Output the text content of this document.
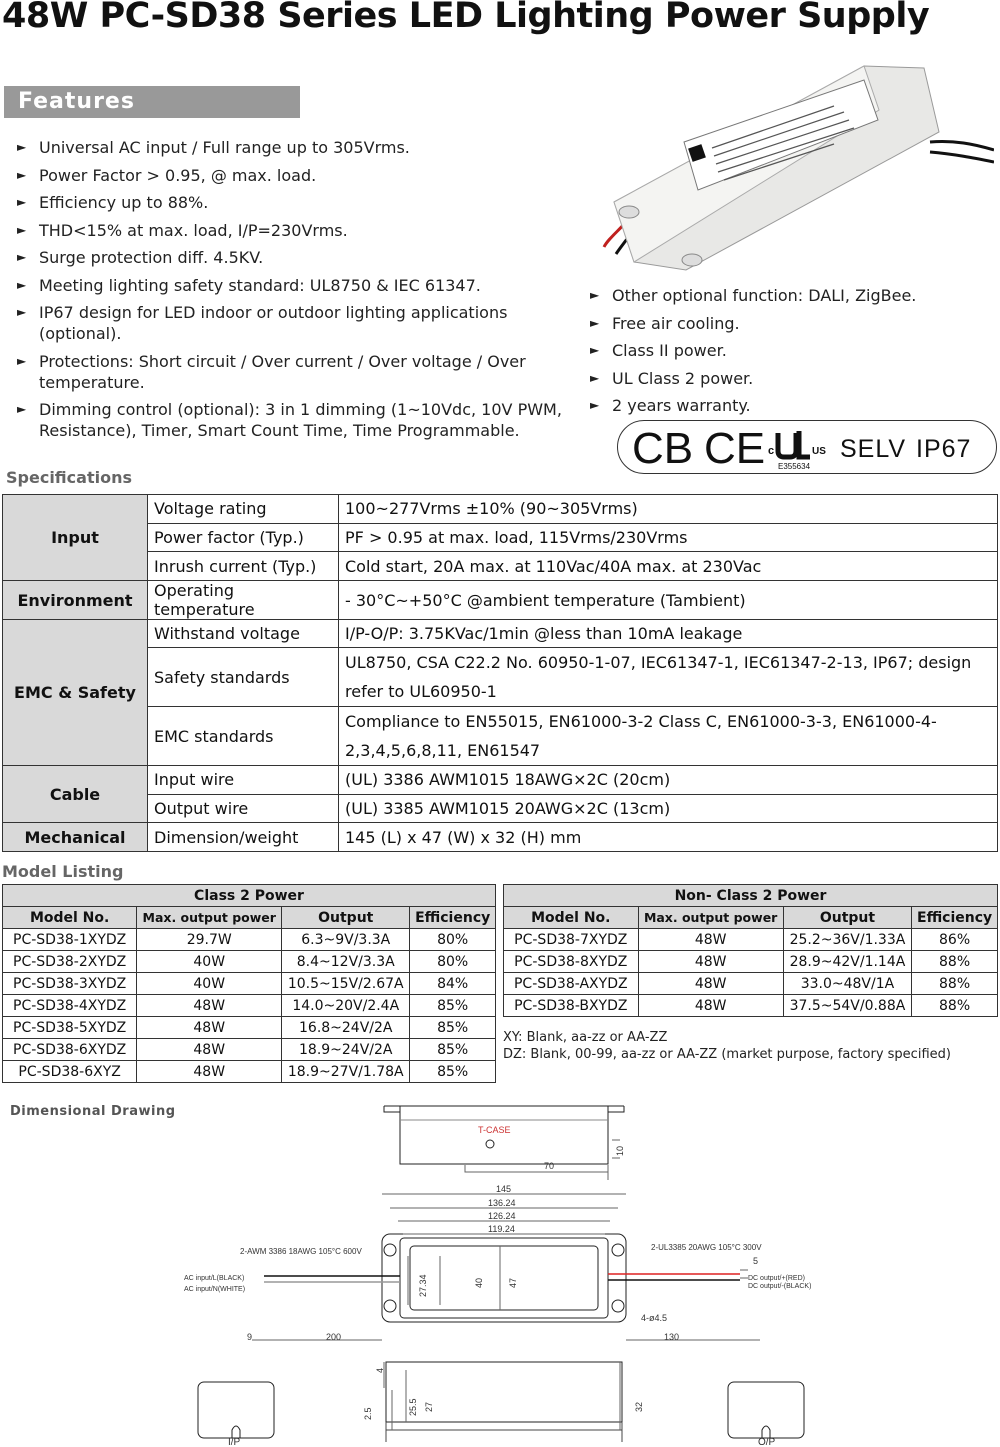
48W PC-SD38 Series LED Lighting Power Supply
Features
► Universal AC input / Full range up to 305Vrms.
► Power Factor > 0.95, @ max. load.
► Efficiency up to 88%.
► THD<15% at max. load, I/P=230Vrms.
► Surge protection diff. 4.5KV.
► Meeting lighting safety standard: UL8750 & IEC 61347.
► IP67 design for LED indoor or outdoor lighting applications (optional).
► Protections: Short circuit / Over current / Over voltage / Over temperature.
► Dimming control (optional): 3 in 1 dimming (1~10Vdc, 10V PWM, Resistance), Timer, Smart Count Time, Time Programmable.
► Other optional function: DALI, ZigBee.
► Free air cooling.
► Class II power.
► UL Class 2 power.
► 2 years warranty.
CB CE c	US
E355634
SELV IP67
Specifications
Input	Voltage rating	100~277Vrms ±10% (90~305Vrms)
	Power factor (Typ.)	PF > 0.95 at max. load, 115Vrms/230Vrms
	Inrush current (Typ.)	Cold start, 20A max. at 110Vac/40A max. at 230Vac
Environment	Operating temperature	- 30°C~+50°C @ambient temperature (Tambient)
EMC & Safety	Withstand voltage	I/P-O/P: 3.75KVac/1min @less than 10mA leakage
	Safety standards	UL8750, CSA C22.2 No. 60950-1-07, IEC61347-1, IEC61347-2-13, IP67; design refer to UL60950-1
	EMC standards	Compliance to EN55015, EN61000-3-2 Class C, EN61000-3-3, EN61000-4-2,3,4,5,6,8,11, EN61547
Cable	Input wire	(UL) 3386 AWM1015 18AWG×2C (20cm)
	Output wire	(UL) 3385 AWM1015 20AWG×2C (13cm)
Mechanical	Dimension/weight	145 (L) x 47 (W) x 32 (H) mm
Model Listing
Class 2 Power			
Model No.	Max. output power	Output	Efficiency
PC-SD38-1XYDZ	29.7W	6.3~9V/3.3A	80%
PC-SD38-2XYDZ	40W	8.4~12V/3.3A	80%
PC-SD38-3XYDZ	40W	10.5~15V/2.67A	84%
PC-SD38-4XYDZ	48W	14.0~20V/2.4A	85%
PC-SD38-5XYDZ	48W	16.8~24V/2A	85%
PC-SD38-6XYDZ	48W	18.9~24V/2A	85%
PC-SD38-6XYZ	48W	18.9~27V/1.78A	85%
Non- Class 2 Power			
Model No.	Max. output power	Output	Efficiency
PC-SD38-7XYDZ	48W	25.2~36V/1.33A	86%
PC-SD38-8XYDZ	48W	28.9~42V/1.14A	88%
PC-SD38-AXYDZ	48W	33.0~48V/1A	88%
PC-SD38-BXYDZ	48W	37.5~54V/0.88A	88%
XY: Blank, aa-zz or AA-ZZ
DZ: Blank, 00-99, aa-zz or AA-ZZ (market purpose, factory specified)
Dimensional Drawing
T-CASE
70
10
145
136.24
126.24
119.24
2-AWM 3386 18AWG 105°C 600V	2-UL3385 20AWG 105°C 300V
AC input/L(BLACK)
AC input/N(WHITE)
DC output/+(RED)
DC output/-(BLACK)
5
27.34	40	47
4-ø4.5
9	200	130
4
2.5	25.5 27	32
I/P	O/P
